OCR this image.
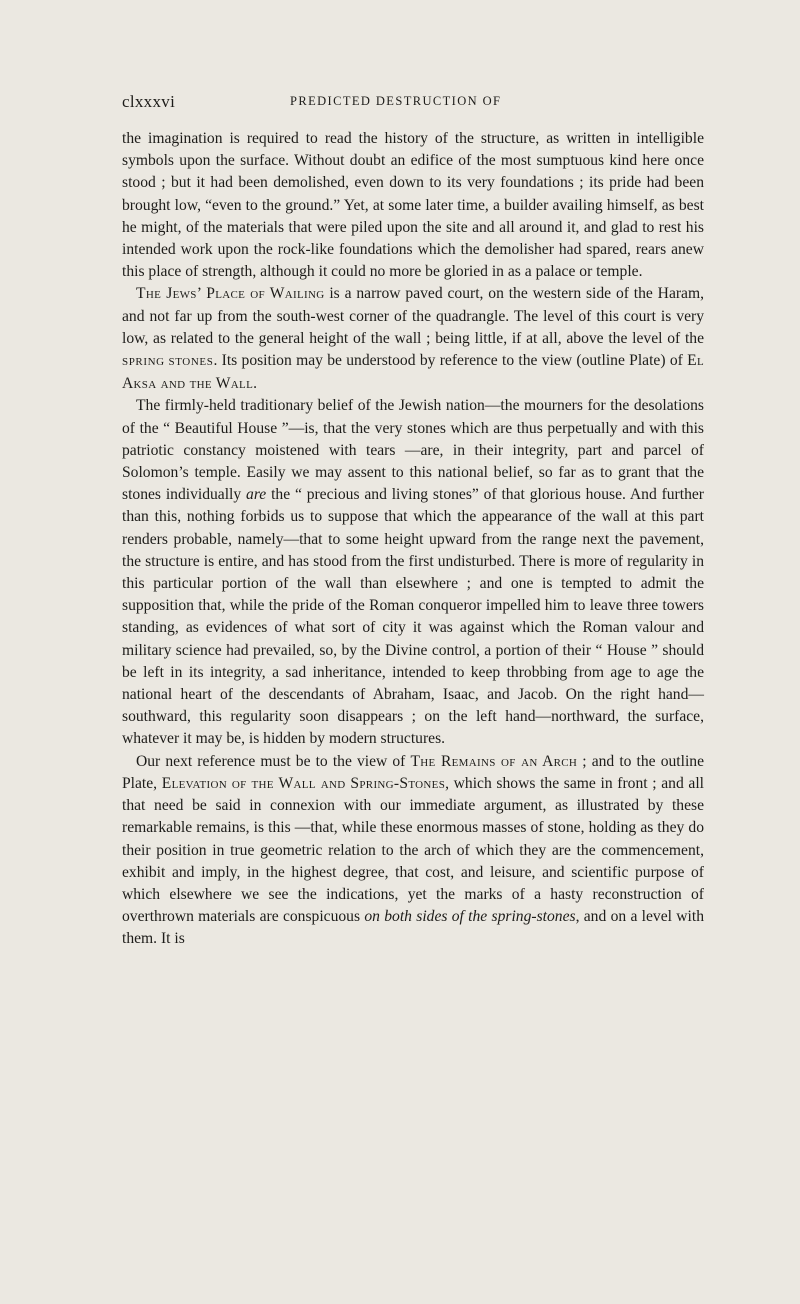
clxxxvi	PREDICTED DESTRUCTION OF

the imagination is required to read the history of the structure, as written in intelligible symbols upon the surface. Without doubt an edifice of the most sumptuous kind here once stood ; but it had been demolished, even down to its very foundations ; its pride had been brought low, “even to the ground.” Yet, at some later time, a builder availing himself, as best he might, of the materials that were piled upon the site and all around it, and glad to rest his intended work upon the rock-like foundations which the demolisher had spared, rears anew this place of strength, although it could no more be gloried in as a palace or temple.

The Jews’ Place of Wailing is a narrow paved court, on the western side of the Haram, and not far up from the south-west corner of the quadrangle. The level of this court is very low, as related to the general height of the wall ; being little, if at all, above the level of the SPRING STONES. Its position may be understood by reference to the view (outline Plate) of El Aksa and the Wall.

The firmly-held traditionary belief of the Jewish nation—the mourners for the desolations of the “ Beautiful House ”—is, that the very stones which are thus perpetually and with this patriotic constancy moistened with tears —are, in their integrity, part and parcel of Solomon’s temple. Easily we may assent to this national belief, so far as to grant that the stones individually are the “ precious and living stones” of that glorious house. And further than this, nothing forbids us to suppose that which the appearance of the wall at this part renders probable, namely—that to some height upward from the range next the pavement, the structure is entire, and has stood from the first undisturbed. There is more of regularity in this particular portion of the wall than elsewhere ; and one is tempted to admit the supposition that, while the pride of the Roman conqueror impelled him to leave three towers standing, as evidences of what sort of city it was against which the Roman valour and military science had prevailed, so, by the Divine control, a portion of their “ House ” should be left in its integrity, a sad inheritance, intended to keep throbbing from age to age the national heart of the descendants of Abraham, Isaac, and Jacob. On the right hand—southward, this regularity soon disappears ; on the left hand—northward, the surface, whatever it may be, is hidden by modern structures.

Our next reference must be to the view of The Remains of an Arch ; and to the outline Plate, Elevation of the Wall and Spring-Stones, which shows the same in front ; and all that need be said in connexion with our immediate argument, as illustrated by these remarkable remains, is this —that, while these enormous masses of stone, holding as they do their position in true geometric relation to the arch of which they are the commencement, exhibit and imply, in the highest degree, that cost, and leisure, and scientific purpose of which elsewhere we see the indications, yet the marks of a hasty reconstruction of overthrown materials are conspicuous on both sides of the spring-stones, and on a level with them. It is
